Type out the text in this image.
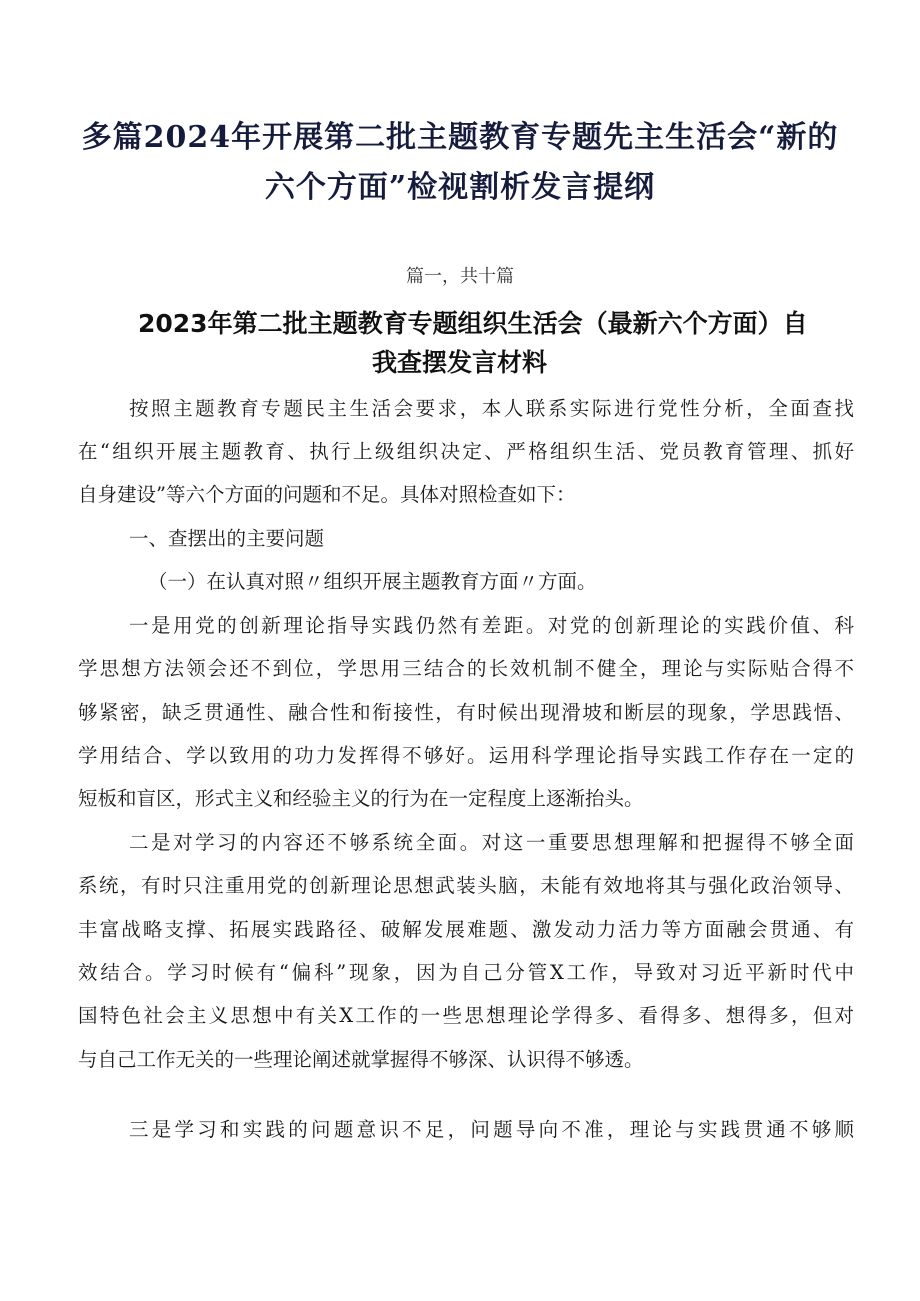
多篇2024年开展第二批主题教育专题先主生活会“新的
六个方面”检视割析发言提纲

篇一，共十篇

2023年第二批主题教育专题组织生活会（最新六个方面）自
我查摆发言材料

按照主题教育专题民主生活会要求，本人联系实际进行党性分析，全面查找

在“组织开展主题教育、执行上级组织决定、严格组织生活、党员教育管理、抓好

自身建设”等六个方面的问题和不足。具体对照检查如下：

一、查摆出的主要问题

（一）在认真对照〃组织开展主题教育方面〃方面。

一是用党的创新理论指导实践仍然有差距。对党的创新理论的实践价值、科

学思想方法领会还不到位，学思用三结合的长效机制不健全，理论与实际贴合得不

够紧密，缺乏贯通性、融合性和衔接性，有时候出现滑坡和断层的现象，学思践悟、

学用结合、学以致用的功力发挥得不够好。运用科学理论指导实践工作存在一定的

短板和盲区，形式主义和经验主义的行为在一定程度上逐渐抬头。

二是对学习的内容还不够系统全面。对这一重要思想理解和把握得不够全面

系统，有时只注重用党的创新理论思想武装头脑，未能有效地将其与强化政治领导、

丰富战略支撑、拓展实践路径、破解发展难题、激发动力活力等方面融会贯通、有

效结合。学习时候有“偏科”现象，因为自己分管X工作，导致对习近平新时代中

国特色社会主义思想中有关X工作的一些思想理论学得多、看得多、想得多，但对

与自己工作无关的一些理论阐述就掌握得不够深、认识得不够透。

三是学习和实践的问题意识不足，问题导向不准，理论与实践贯通不够顺
